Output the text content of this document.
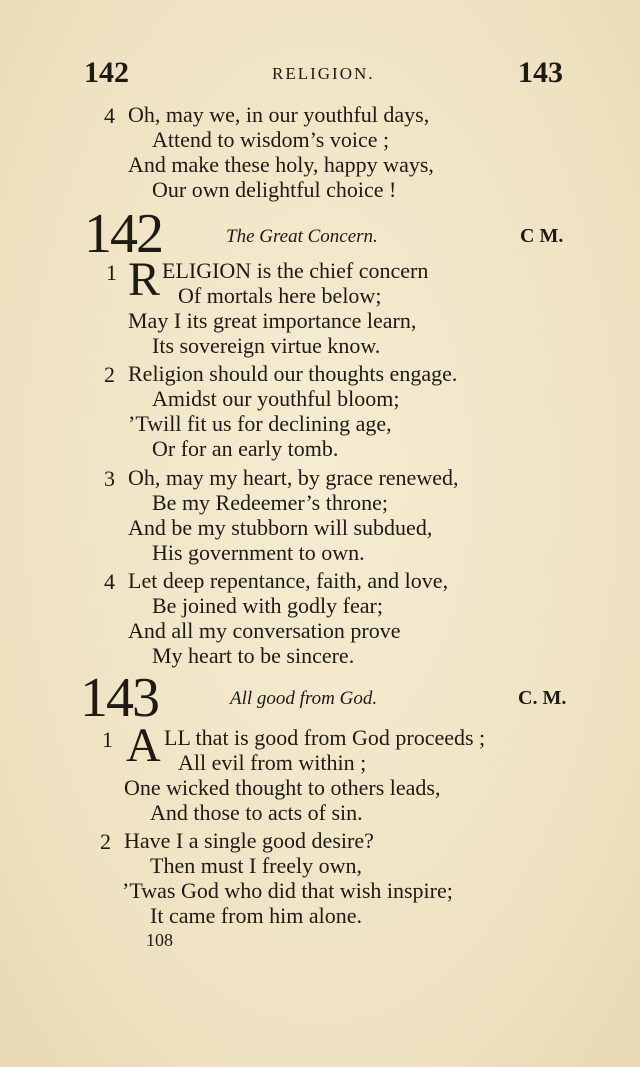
142	RELIGION.	143
4 Oh, may we, in our youthful days,
Attend to wisdom’s voice ;
And make these holy, happy ways,
Our own delightful choice !
142	The Great Concern.	C M.
1 R ELIGION is the chief concern
Of mortals here below;
May I its great importance learn,
Its sovereign virtue know.
2 Religion should our thoughts engage.
Amidst our youthful bloom;
’Twill fit us for declining age,
Or for an early tomb.
3 Oh, may my heart, by grace renewed,
Be my Redeemer’s throne;
And be my stubborn will subdued,
His government to own.
4 Let deep repentance, faith, and love,
Be joined with godly fear;
And all my conversation prove
My heart to be sincere.
143	All good from God.	C. M.
1 A LL that is good from God proceeds ;
All evil from within ;
One wicked thought to others leads,
And those to acts of sin.
2 Have I a single good desire?
Then must I freely own,
’Twas God who did that wish inspire;
It came from him alone.
108
